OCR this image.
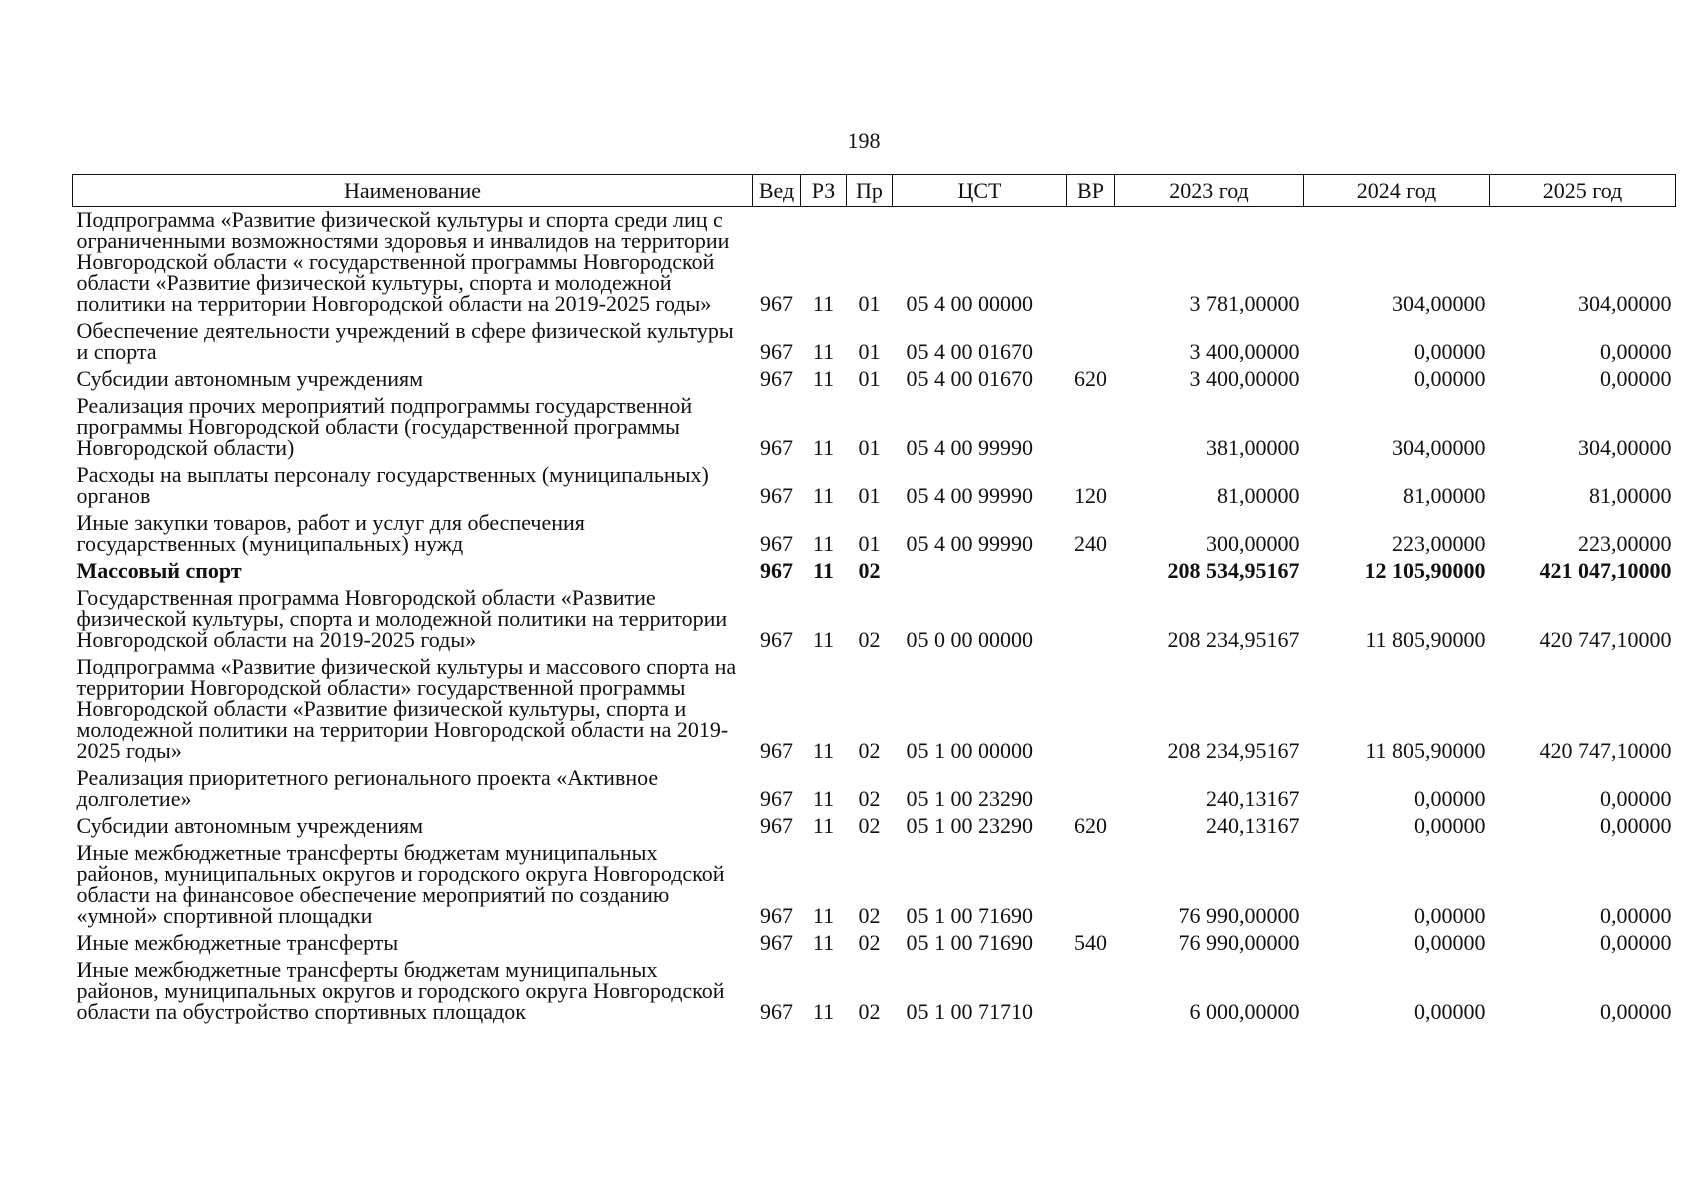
198
Наименование	Вед	РЗ	Пр	ЦСТ	ВР	2023 год	2024 год	2025 год
Подпрограмма «Развитие физической культуры и спорта среди лиц с ограниченными возможностями здоровья и инвалидов на территории Новгородской области « государственной программы Новгородской области «Развитие физической культуры, спорта и молодежной политики на территории Новгородской области на 2019-2025 годы»	967	11	01	05 4 00 00000		3 781,00000	304,00000	304,00000
Обеспечение деятельности учреждений в сфере физической культуры и спорта	967	11	01	05 4 00 01670		3 400,00000	0,00000	0,00000
Субсидии автономным учреждениям	967	11	01	05 4 00 01670	620	3 400,00000	0,00000	0,00000
Реализация прочих мероприятий подпрограммы государственной программы Новгородской области (государственной программы Новгородской области)	967	11	01	05 4 00 99990		381,00000	304,00000	304,00000
Расходы на выплаты персоналу государственных (муниципальных) органов	967	11	01	05 4 00 99990	120	81,00000	81,00000	81,00000
Иные закупки товаров, работ и услуг для обеспечения государственных (муниципальных) нужд	967	11	01	05 4 00 99990	240	300,00000	223,00000	223,00000
Массовый спорт	967	11	02			208 534,95167	12 105,90000	421 047,10000
Государственная программа Новгородской области «Развитие физической культуры, спорта и молодежной политики на территории Новгородской области на 2019-2025 годы»	967	11	02	05 0 00 00000		208 234,95167	11 805,90000	420 747,10000
Подпрограмма «Развитие физической культуры и массового спорта на территории Новгородской области» государственной программы Новгородской области «Развитие физической культуры, спорта и молодежной политики на территории Новгородской области на 2019-2025 годы»	967	11	02	05 1 00 00000		208 234,95167	11 805,90000	420 747,10000
Реализация приоритетного регионального проекта «Активное долголетие»	967	11	02	05 1 00 23290		240,13167	0,00000	0,00000
Субсидии автономным учреждениям	967	11	02	05 1 00 23290	620	240,13167	0,00000	0,00000
Иные межбюджетные трансферты бюджетам муниципальных районов, муниципальных округов и городского округа Новгородской области на финансовое обеспечение мероприятий по созданию «умной» спортивной площадки	967	11	02	05 1 00 71690		76 990,00000	0,00000	0,00000
Иные межбюджетные трансферты	967	11	02	05 1 00 71690	540	76 990,00000	0,00000	0,00000
Иные межбюджетные трансферты бюджетам муниципальных районов, муниципальных округов и городского округа Новгородской области па обустройство спортивных площадок	967	11	02	05 1 00 71710		6 000,00000	0,00000	0,00000
